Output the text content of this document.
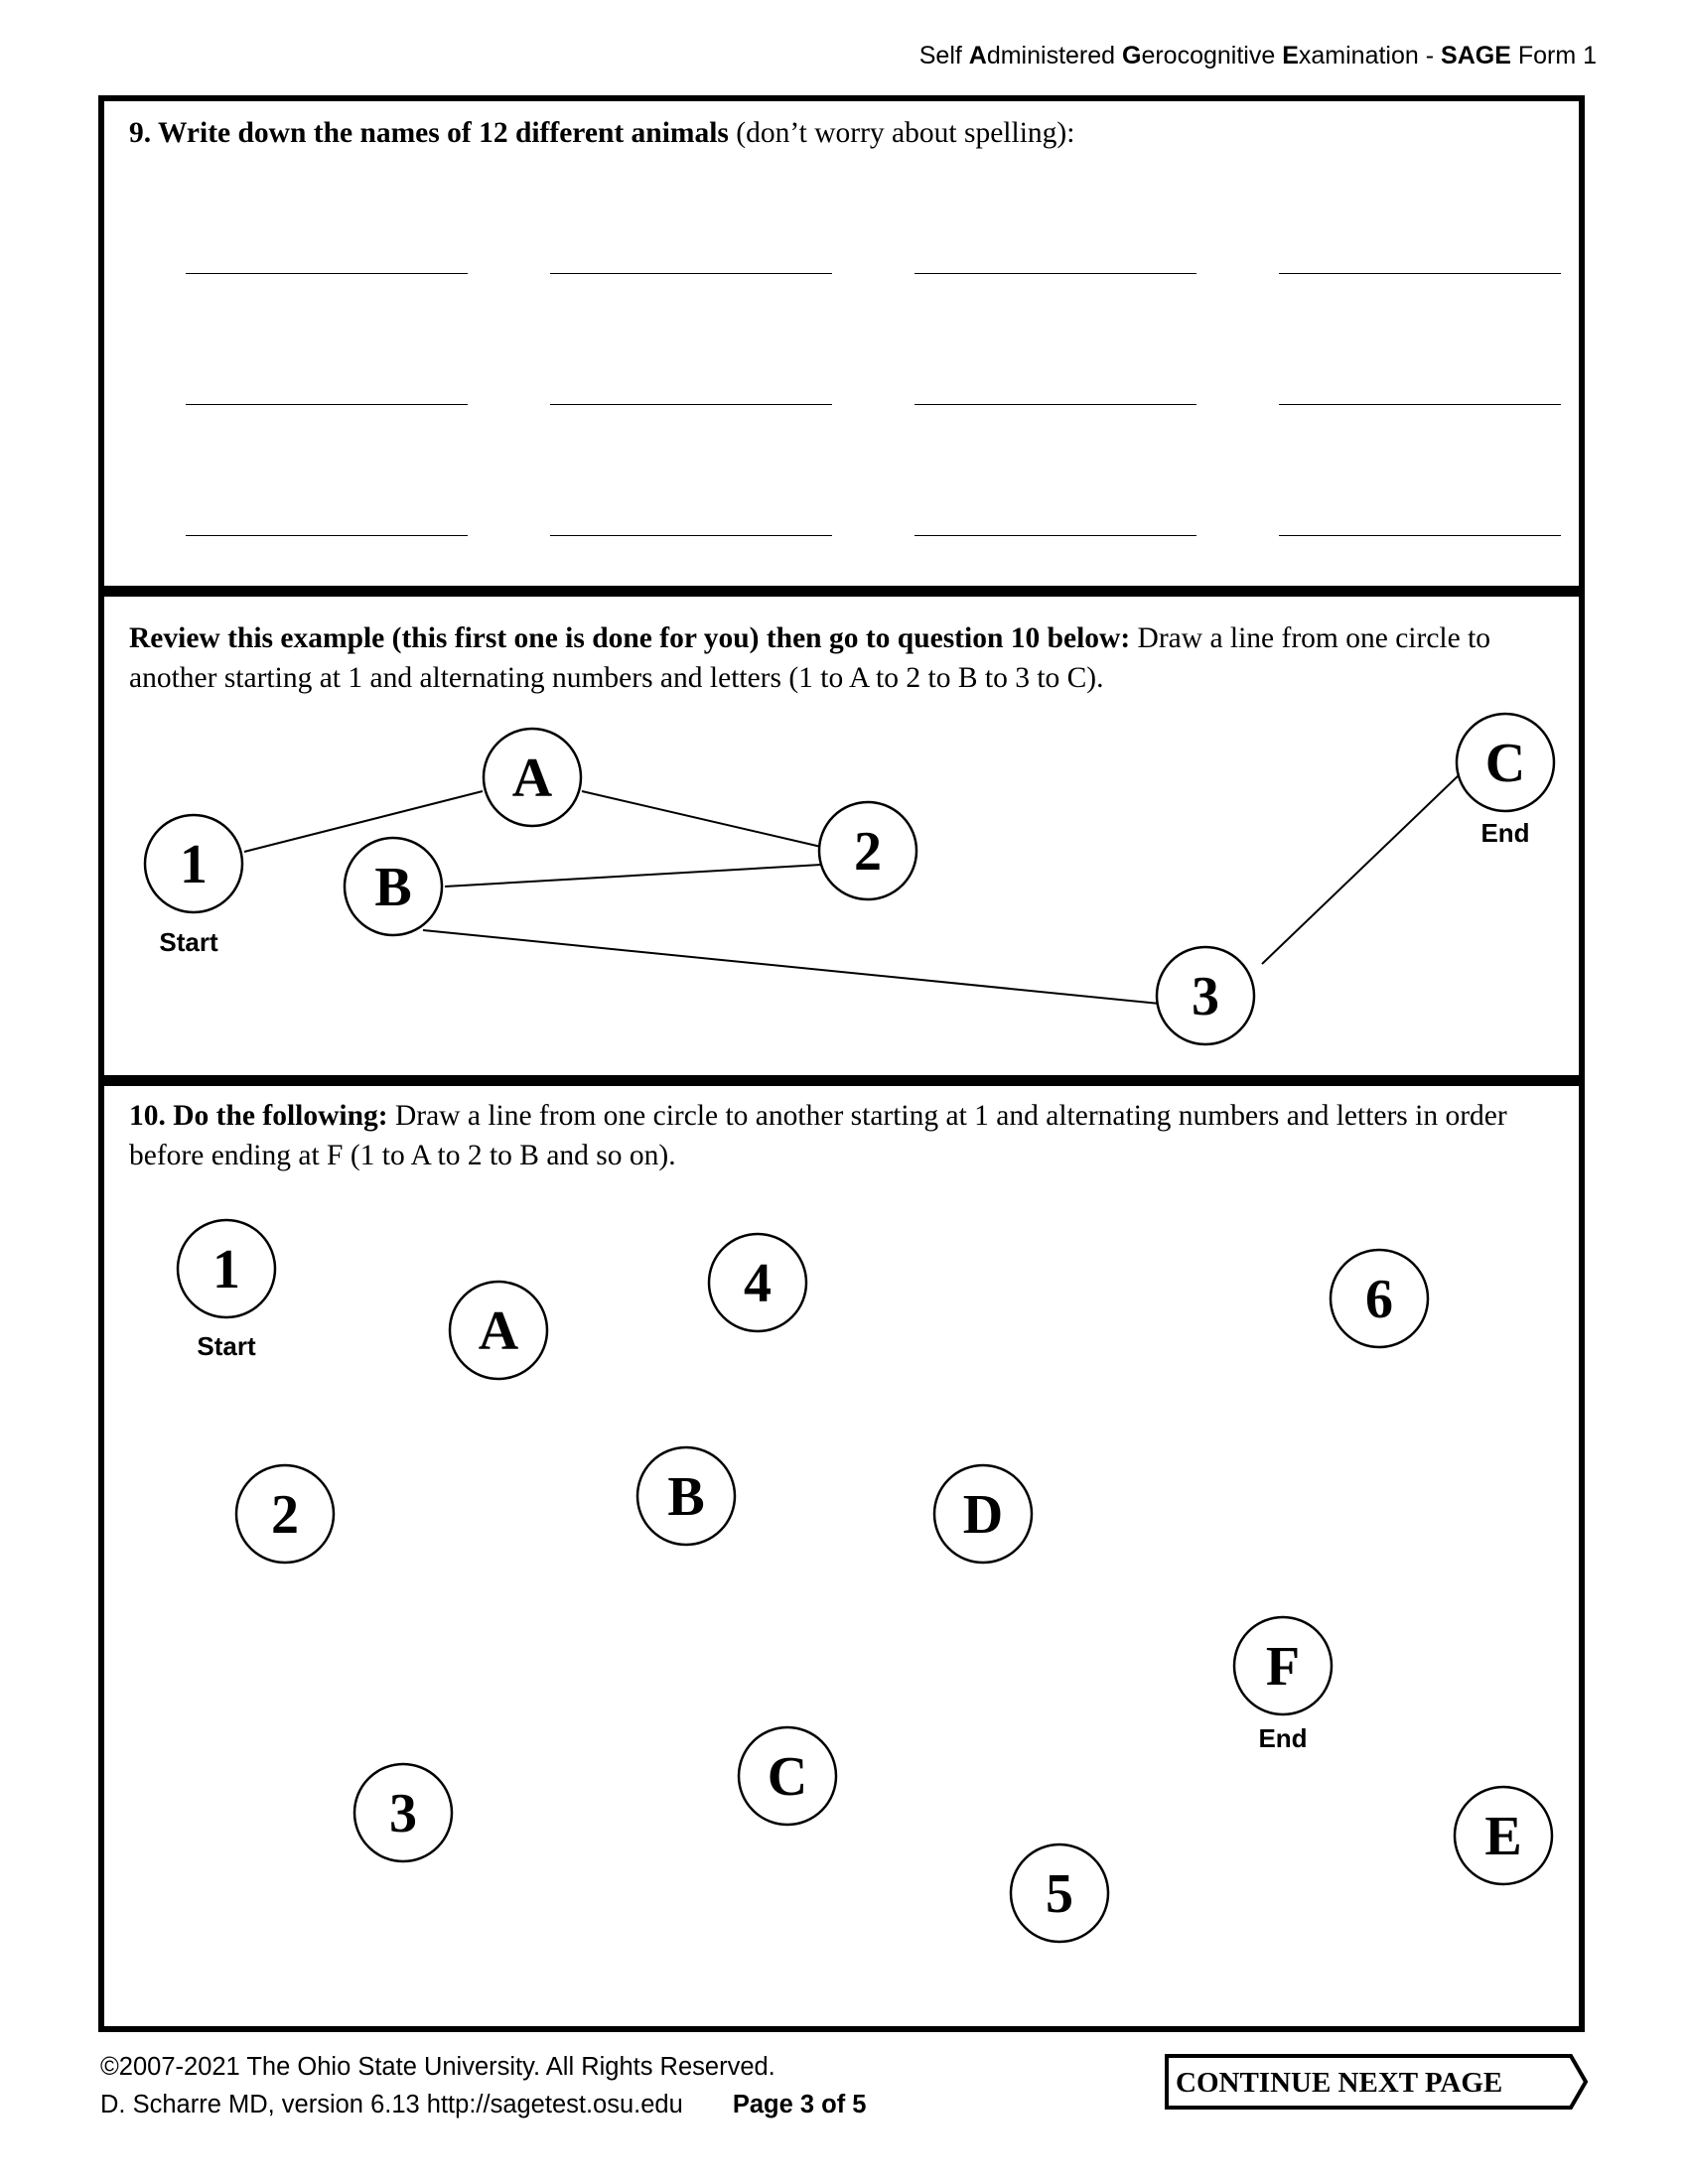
Self Administered Gerocognitive Examination - SAGE Form 1
9. Write down the names of 12 different animals (don’t worry about spelling):
Review this example (this first one is done for you) then go to question 10 below: Draw a line from one circle to another starting at 1 and alternating numbers and letters (1 to A to 2 to B to 3 to C).
1
A
2
B
3
C
Start
End
10. Do the following: Draw a line from one circle to another starting at 1 and alternating numbers and letters in order before ending at F (1 to A to 2 to B and so on).
1
A
4	6
2	B	D
F
3
C
5
E
Start
End
©2007-2021 The Ohio State University. All Rights Reserved.
D. Scharre MD, version 6.13 http://sagetest.osu.edu Page 3 of 5
CONTINUE NEXT PAGE
